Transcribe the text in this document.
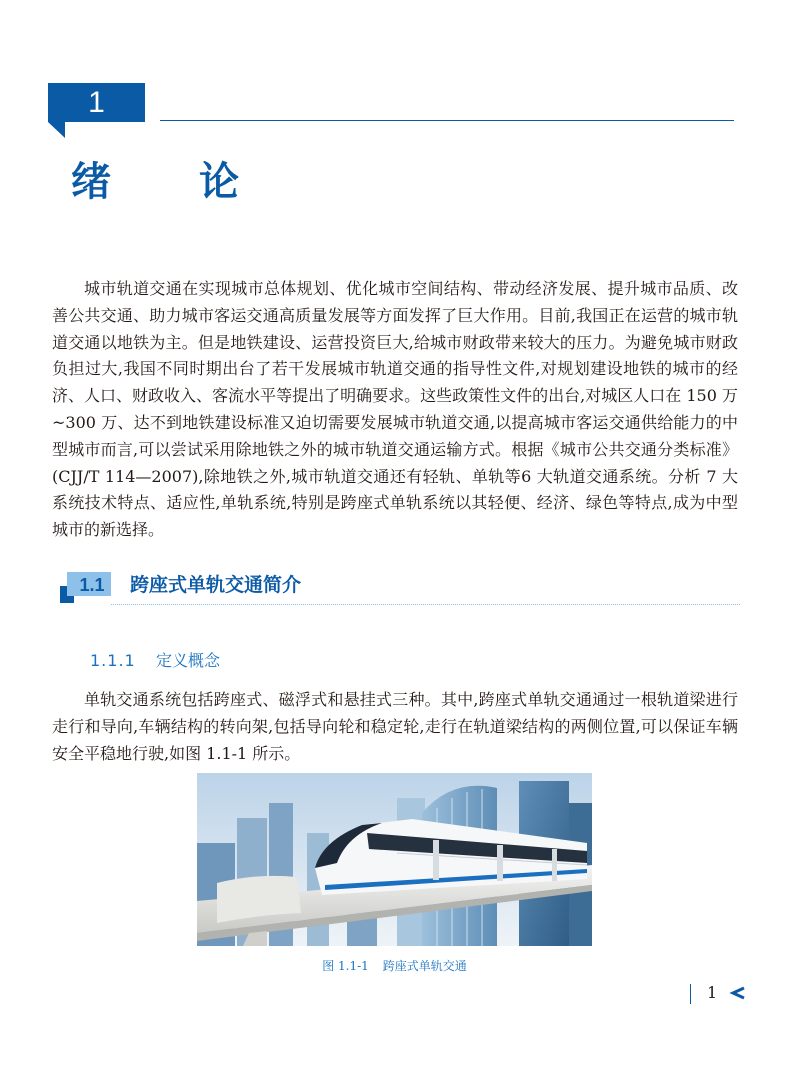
1
绪论

城市轨道交通在实现城市总体规划、优化城市空间结构、带动经济发展、提升城市品质、改善公共交通、助力城市客运交通高质量发展等方面发挥了巨大作用。目前,我国正在运营的城市轨道交通以地铁为主。但是地铁建设、运营投资巨大,给城市财政带来较大的压力。为避免城市财政负担过大,我国不同时期出台了若干发展城市轨道交通的指导性文件,对规划建设地铁的城市的经济、人口、财政收入、客流水平等提出了明确要求。这些政策性文件的出台,对城区人口在 150 万 ~300 万、达不到地铁建设标准又迫切需要发展城市轨道交通,以提高城市客运交通供给能力的中型城市而言,可以尝试采用除地铁之外的城市轨道交通运输方式。根据《城市公共交通分类标准》(CJJ/T 114—2007),除地铁之外,城市轨道交通还有轻轨、单轨等6 大轨道交通系统。分析 7 大系统技术特点、适应性,单轨系统,特别是跨座式单轨系统以其轻便、经济、绿色等特点,成为中型城市的新选择。

1.1	跨座式单轨交通简介
1.1.1 定义概念

单轨交通系统包括跨座式、磁浮式和悬挂式三种。其中,跨座式单轨交通通过一根轨道梁进行走行和导向,车辆结构的转向架,包括导向轮和稳定轮,走行在轨道梁结构的两侧位置,可以保证车辆安全平稳地行驶,如图 1.1-1 所示。

图 1.1-1 跨座式单轨交通
1
